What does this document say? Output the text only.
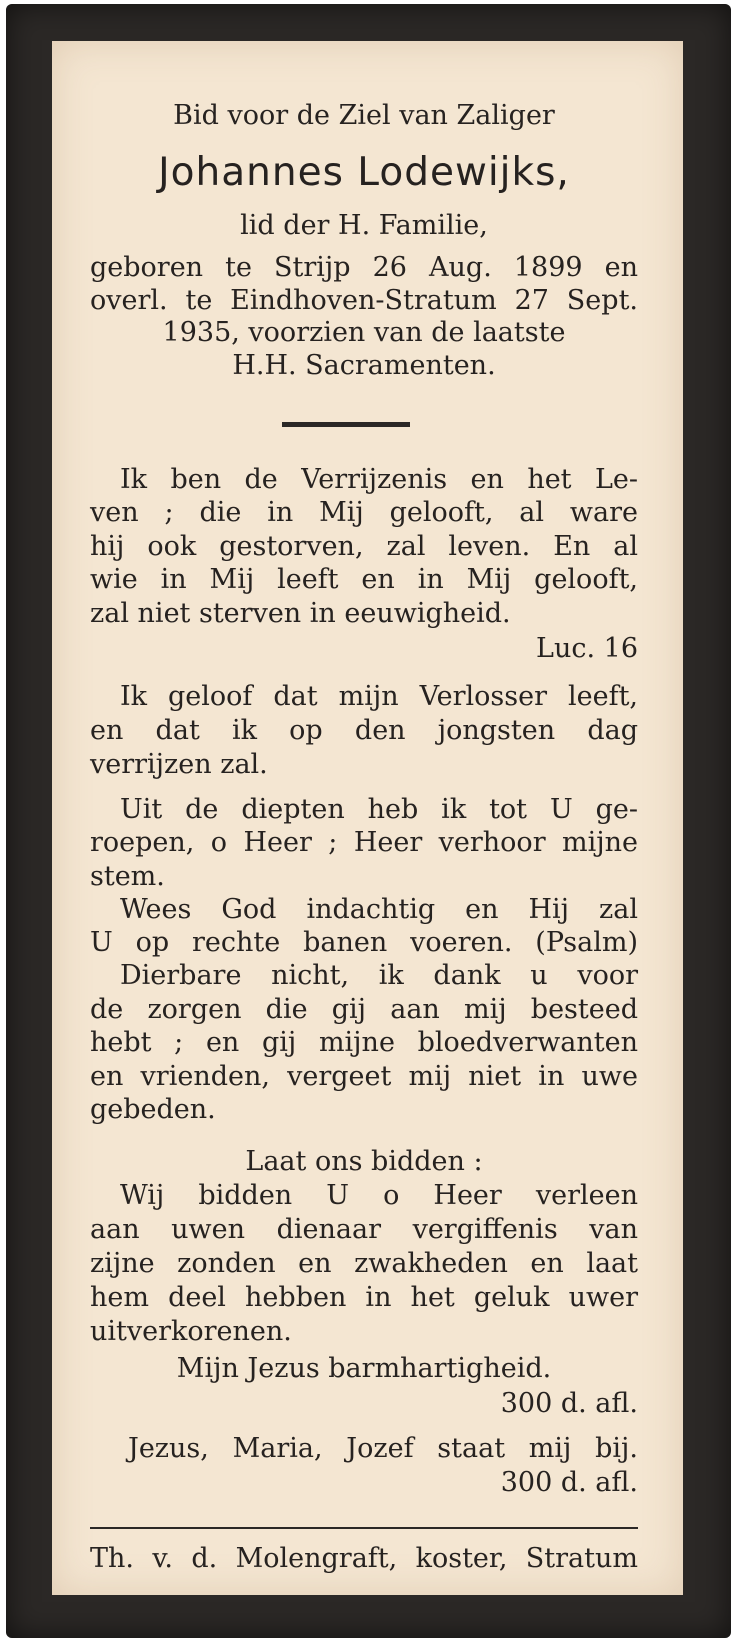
Bid voor de Ziel van Zaliger
Johannes Lodewijks,
lid der H. Familie,
geboren te Strijp 26 Aug. 1899 en
overl. te Eindhoven-Stratum 27 Sept.
1935, voorzien van de laatste
H.H. Sacramenten.
Ik ben de Verrijzenis en het Le-
ven ; die in Mij gelooft, al ware
hij ook gestorven, zal leven. En al
wie in Mij leeft en in Mij gelooft,
zal niet sterven in eeuwigheid.
Luc. 16
Ik geloof dat mijn Verlosser leeft,
en dat ik op den jongsten dag
verrijzen zal.
Uit de diepten heb ik tot U ge-
roepen, o Heer ; Heer verhoor mijne
stem.
Wees God indachtig en Hij zal
U op rechte banen voeren. (Psalm)
Dierbare nicht, ik dank u voor
de zorgen die gij aan mij besteed
hebt ; en gij mijne bloedverwanten
en vrienden, vergeet mij niet in uwe
gebeden.
Laat ons bidden :
Wij bidden U o Heer verleen
aan uwen dienaar vergiffenis van
zijne zonden en zwakheden en laat
hem deel hebben in het geluk uwer
uitverkorenen.
Mijn Jezus barmhartigheid.
300 d. afl.
Jezus, Maria, Jozef staat mij bij.
300 d. afl.
Th. v. d. Molengraft, koster, Stratum
